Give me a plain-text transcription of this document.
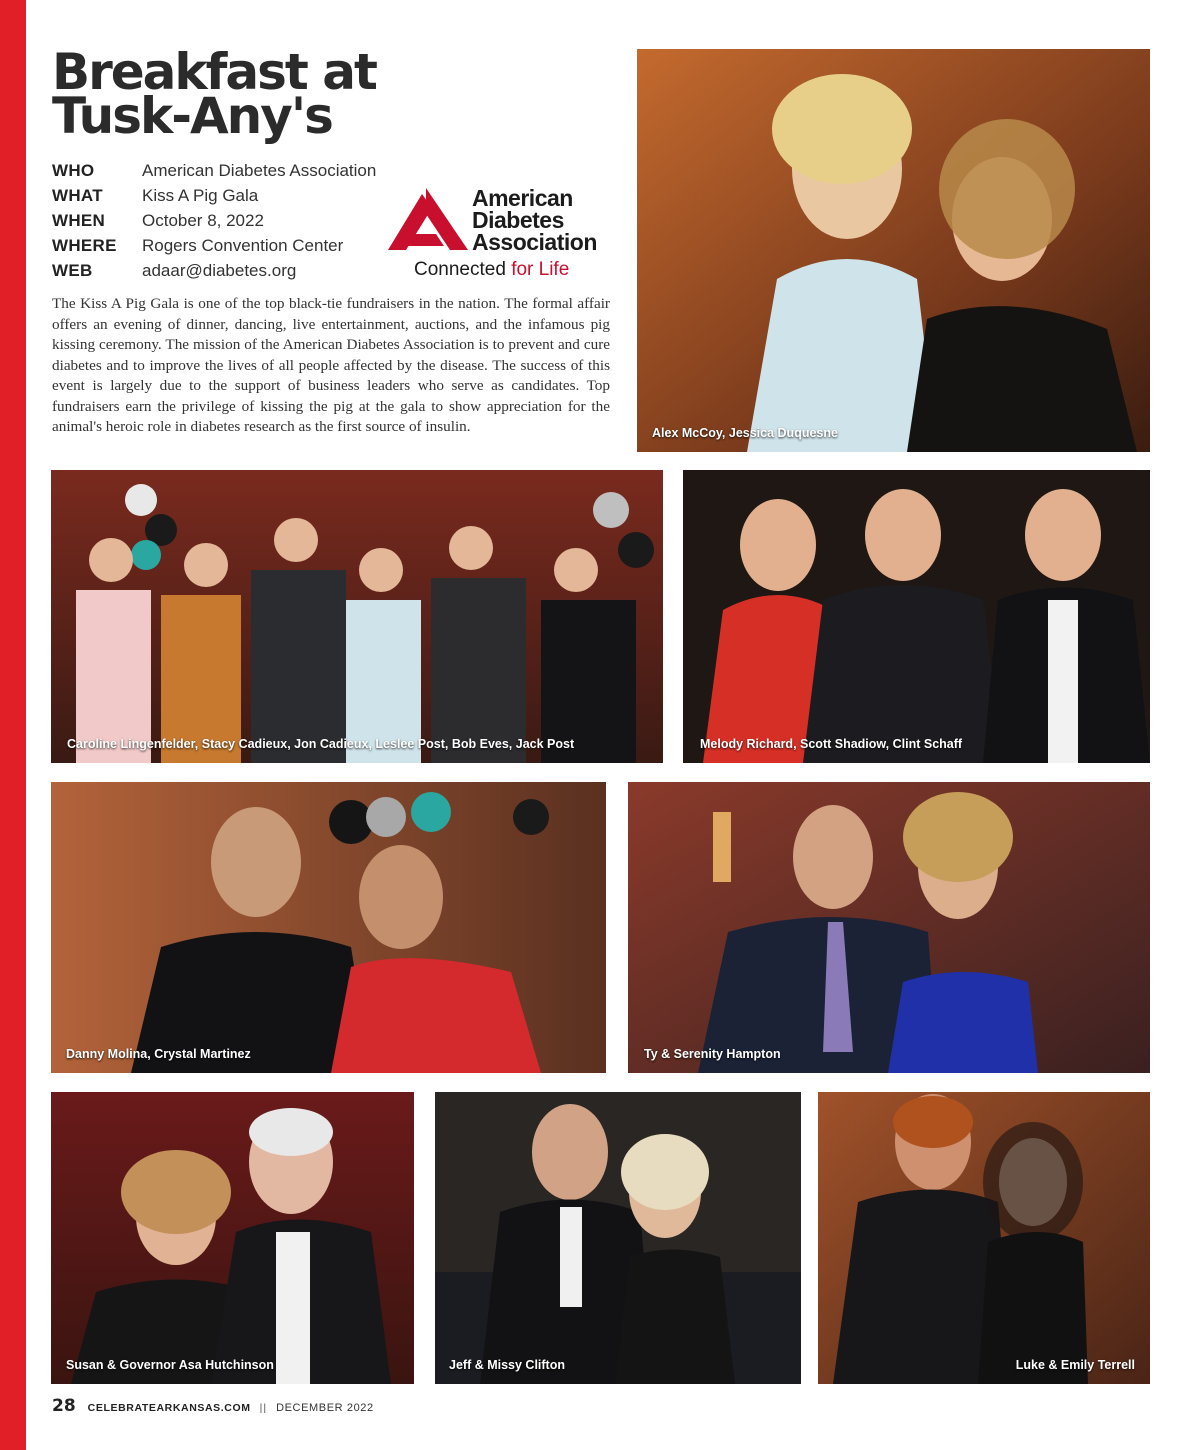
Breakfast at
Tusk-Any's
WHO	American Diabetes Association
WHAT	Kiss A Pig Gala
WHEN	October 8, 2022
WHERE	Rogers Convention Center
WEB	adaar@diabetes.org
American
Diabetes
Association
Connected for Life

The Kiss A Pig Gala is one of the top black-tie fundraisers in the nation. The formal affair offers an evening of dinner, dancing, live entertainment, auctions, and the infamous pig kissing ceremony. The mission of the American Diabetes Association is to prevent and cure diabetes and to improve the lives of all people affected by the disease. The success of this event is largely due to the support of business leaders who serve as candidates. Top fundraisers earn the privilege of kissing the pig at the gala to show appreciation for the animal's heroic role in diabetes research as the first source of insulin.	Alex McCoy, Jessica Duquesne
Caroline Lingenfelder, Stacy Cadieux, Jon Cadieux, Leslee Post, Bob Eves, Jack Post	Melody Richard, Scott Shadiow, Clint Schaff
Danny Molina, Crystal Martinez	Ty & Serenity Hampton
Susan & Governor Asa Hutchinson	Jeff & Missy Clifton	Luke & Emily Terrell
28 CELEBRATEARKANSAS.COM || DECEMBER 2022
